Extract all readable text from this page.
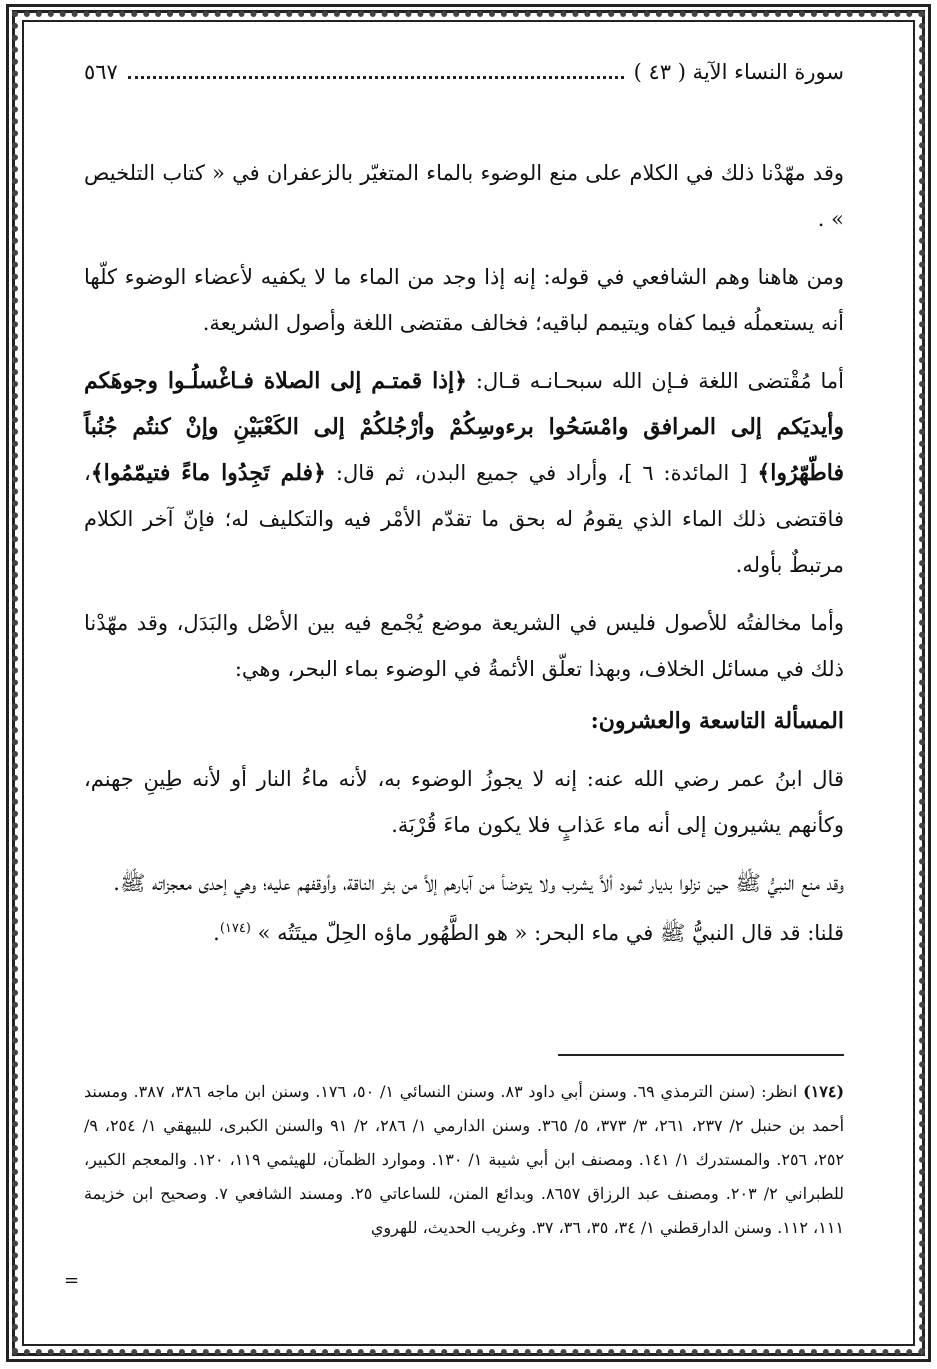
سورة النساء الآية ( ٤٣ )
٥٦٧

وقد مهّدْنا ذلك في الكلام على منع الوضوء بالماء المتغيّر بالزعفران في « كتاب التلخيص » .

ومن هاهنا وهم الشافعي في قوله: إنه إذا وجد من الماء ما لا يكفيه لأعضاء الوضوء كلّها أنه يستعملُه فيما كفاه ويتيمم لباقيه؛ فخالف مقتضى اللغة وأصول الشريعة.

أما مُقْتضى اللغة فـإن الله سبحـانـه قـال: ﴿إذا قمتـم إلى الصلاة فـاغْسلُـوا وجوهَكم وأيديَكم إلى المرافق وامْسَحُوا برءوسِكُمْ وأرْجُلكُمْ إلى الكَعْبَيْنِ وإنْ كنتُم جُنُباً فاطّهّرُوا﴾ [ المائدة: ٦ ]، وأراد في جميع البدن، ثم قال: ﴿فلم تَجِدُوا ماءً فتيمّمُوا﴾، فاقتضى ذلك الماء الذي يقومُ له بحق ما تقدّم الأمْر فيه والتكليف له؛ فإنّ آخر الكلام مرتبطٌ بأوله.

وأما مخالفتُه للأصول فليس في الشريعة موضع يُجْمع فيه بين الأصْل والبَدَل، وقد مهّدْنا ذلك في مسائل الخلاف، وبهذا تعلّق الأئمةُ في الوضوء بماء البحر، وهي:

المسألة التاسعة والعشرون:

قال ابنُ عمر رضي الله عنه: إنه لا يجوزُ الوضوء به، لأنه ماءُ النار أو لأنه طِينِ جهنم، وكأنهم يشيرون إلى أنه ماء عَذابٍ فلا يكون ماءَ قُرْبَة.

وقد منع النبيُّ ﷺ حين نزلوا بديار ثمود ألاَّ يشرب ولا يتوضأ من آبارهم إلاَّ من بئر الناقة، وأوقفهم عليه؛ وهي إحدى معجزاته ﷺ.

قلنا: قد قال النبيُّ ﷺ في ماء البحر: « هو الطَّهُور ماؤه الحِلّ ميتَتُه » $^{(١٧٤)}$.

(١٧٤) انظر: (سنن الترمذي ٦٩. وسنن أبي داود ٨٣. وسنن النسائي ١/ ٥٠، ١٧٦. وسنن ابن ماجه ٣٨٦، ٣٨٧. ومسند أحمد بن حنبل ٢/ ٢٣٧، ٢٦١، ٣/ ٣٧٣، ٥/ ٣٦٥. وسنن الدارمي ١/ ٢٨٦، ٢/ ٩١ والسنن الكبرى، للبيهقي ١/ ٢٥٤، ٩/ ٢٥٢، ٢٥٦. والمستدرك ١/ ١٤١. ومصنف ابن أبي شيبة ١/ ١٣٠. وموارد الظمآن، للهيثمي ١١٩، ١٢٠. والمعجم الكبير، للطبراني ٢/ ٢٠٣. ومصنف عبد الرزاق ٨٦٥٧. وبدائع المنن، للساعاتي ٢٥. ومسند الشافعي ٧. وصحيح ابن خزيمة ١١١، ١١٢. وسنن الدارقطني ١/ ٣٤، ٣٥، ٣٦، ٣٧. وغريب الحديث، للهروي
=
